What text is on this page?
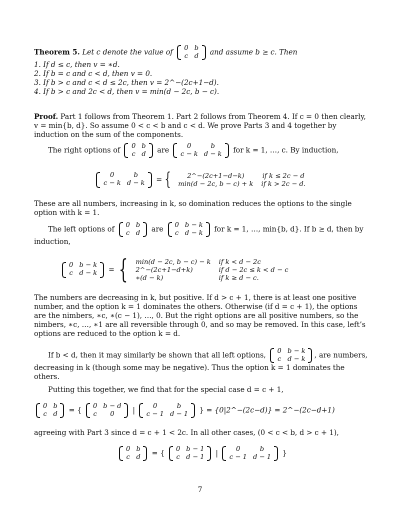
Theorem 5. Let c denote the value of 0	b
c	d and assume b ≥ c. Then
1. If d ≤ c, then v = ∗d.
2. If b = c and c < d, then v = 0.
3. If b > c and c < d ≤ 2c, then v = 2^−(2c+1−d).
4. If b > c and 2c < d, then v = min(d − 2c, b − c).
Proof. Part 1 follows from Theorem 1. Part 2 follows from Theorem 4. If c = 0 then clearly, v = min{b, d}. So assume 0 < c < b and c < d. We prove Parts 3 and 4 together by induction on the sum of the components.
The right options of 0	b
c	d are	0	b
c − k	d − k for k = 1, …, c. By induction,
0	b
c − k	d − k = { 2^−(2c+1−d−k)	if k ≤ 2c − d
min(d − 2c, b − c) + k	if k > 2c − d.
These are all numbers, increasing in k, so domination reduces the options to the single option with k = 1.
The left options of 0	b
c	d are 0	b − k
c	d − k for k = 1, …, min{b, d}. If b ≥ d, then by induction,
0	b − k
c	d − k = { min(d − 2c, b − c) − k	if k < d − 2c
2^−(2c+1−d+k)	if d − 2c ≤ k < d − c
∗(d − k)	if k ≥ d − c.
The numbers are decreasing in k, but positive. If d > c + 1, there is at least one positive number, and the option k = 1 dominates the others. Otherwise (if d = c + 1), the options are the nimbers, ∗c, ∗(c − 1), …, 0. But the right options are all positive numbers, so the nimbers, ∗c, …, ∗1 are all reversible through 0, and so may be removed. In this case, left’s options are reduced to the option k = d.
If b < d, then it may similarly be shown that all left options, 0	b − k
c	d − k , are numbers, decreasing in k (though some may be negative). Thus the option k = 1 dominates the others.
Putting this together, we find that for the special case d = c + 1,
0	b
c	d = { 0	b − d
c	0	|	0	b
c − 1	d − 1 } = {0|2^−(2c−d)} = 2^−(2c−d+1)
agreeing with Part 3 since d = c + 1 < 2c. In all other cases, (0 < c < b, d > c + 1),
0	b
c	d = { 0	b − 1
c	d − 1 |	0	b
c − 1	d − 1 }
7
